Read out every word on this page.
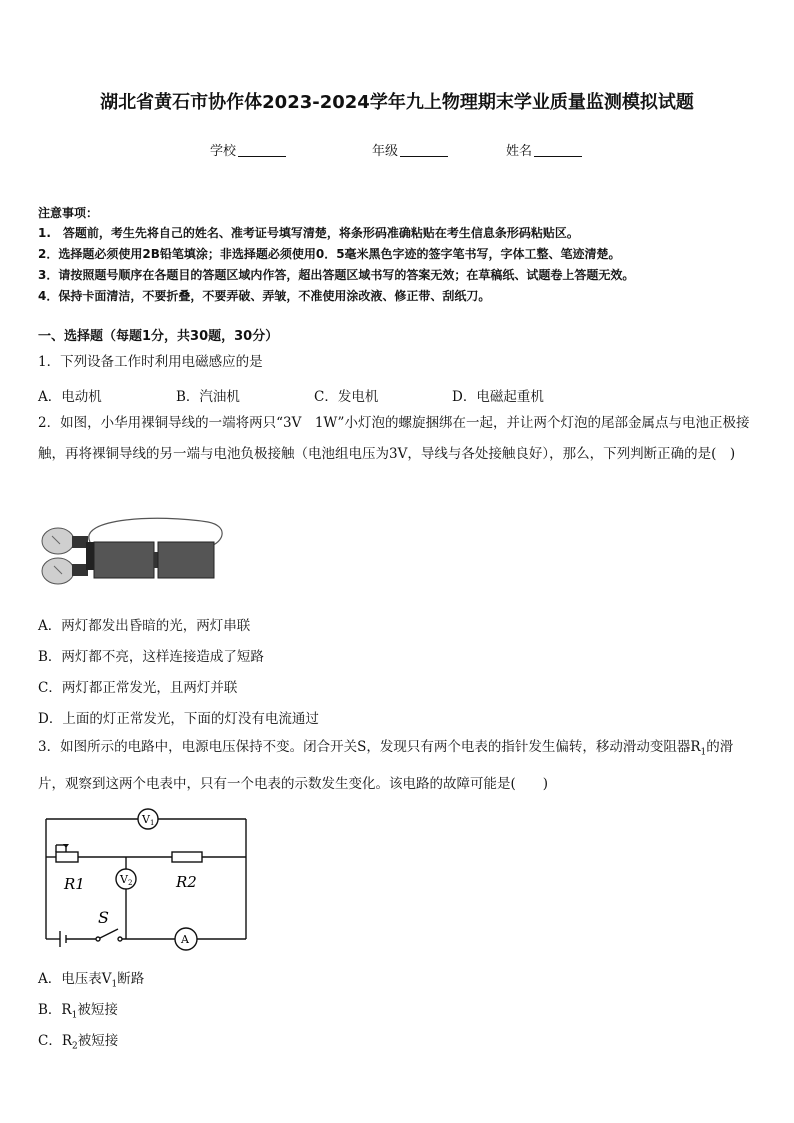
湖北省黄石市协作体2023-2024学年九上物理期末学业质量监测模拟试题
学校	年级	姓名
注意事项：
1.　答题前，考生先将自己的姓名、准考证号填写清楚，将条形码准确粘贴在考生信息条形码粘贴区。
2．选择题必须使用2B铅笔填涂；非选择题必须使用0．5毫米黑色字迹的签字笔书写，字体工整、笔迹清楚。
3．请按照题号顺序在各题目的答题区域内作答，超出答题区域书写的答案无效；在草稿纸、试题卷上答题无效。
4．保持卡面清洁，不要折叠，不要弄破、弄皱，不准使用涂改液、修正带、刮纸刀。
一、选择题（每题1分，共30题，30分）
1．下列设备工作时利用电磁感应的是
A．电动机	B．汽油机	C．发电机	D．电磁起重机
2．如图，小华用裸铜导线的一端将两只“3V　1W”小灯泡的螺旋捆绑在一起，并让两个灯泡的尾部金属点与电池正极接触，再将裸铜导线的另一端与电池负极接触（电池组电压为3V，导线与各处接触良好），那么，下列判断正确的是(　)
A．两灯都发出昏暗的光，两灯串联
B．两灯都不亮，这样连接造成了短路
C．两灯都正常发光，且两灯并联
D．上面的灯正常发光，下面的灯没有电流通过
3．如图所示的电路中，电源电压保持不变。闭合开关S，发现只有两个电表的指针发生偏转，移动滑动变阻器$R_1$的滑片，观察到这两个电表中，只有一个电表的示数发生变化。该电路的故障可能是(　　)
V1
V2
A
R1	R2
S
A．电压表$V_1$断路
B．$R_1$被短接
C．$R_2$被短接
